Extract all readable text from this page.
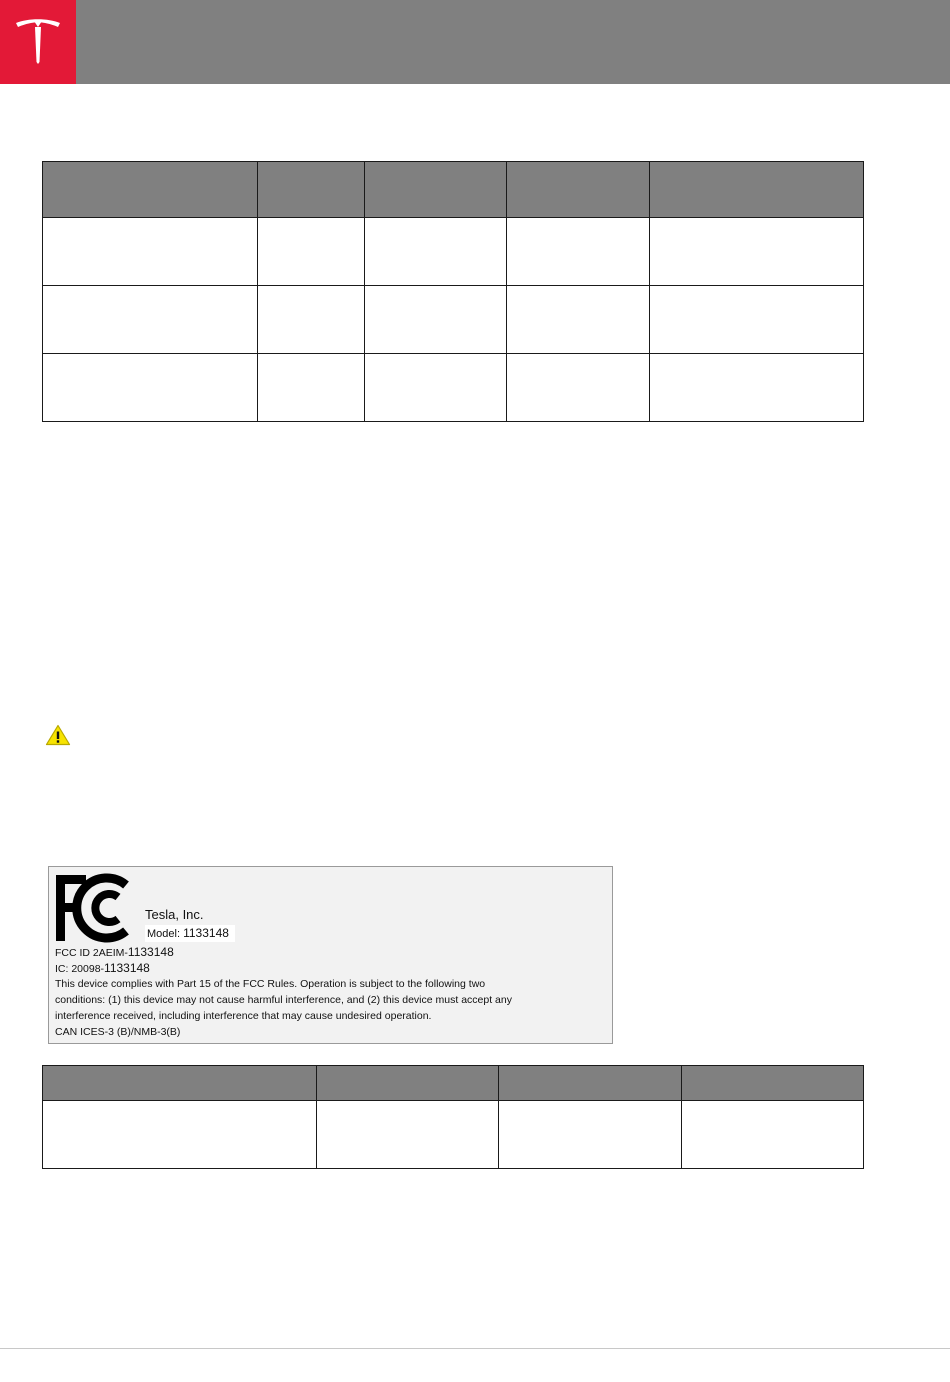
Tesla, Inc.
Model: 1133148
FCC ID 2AEIM-1133148
IC: 20098-1133148
This device complies with Part 15 of the FCC Rules. Operation is subject to the following two
conditions: (1) this device may not cause harmful interference, and (2) this device must accept any
interference received, including interference that may cause undesired operation.
CAN ICES-3 (B)/NMB-3(B)
